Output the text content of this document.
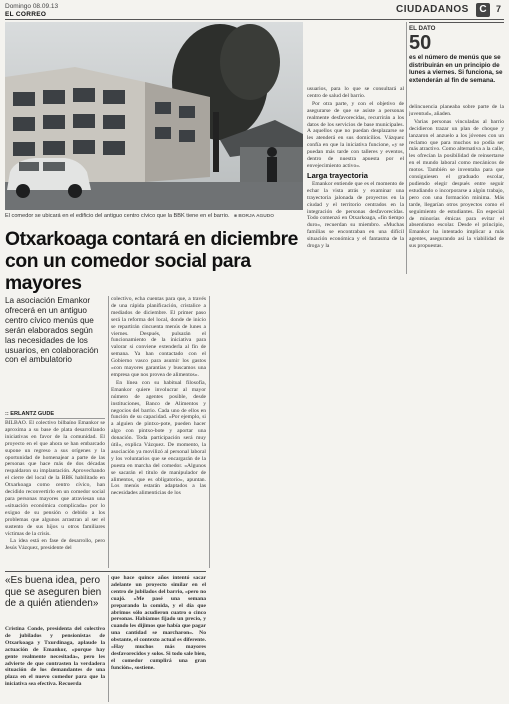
Domingo 08.09.13
EL CORREO	CIUDADANOS	C	7
El comedor se ubicará en el edificio del antiguo centro cívico que la BBK tiene en el barrio. ■ BORJA AGUDO
Otxarkoaga contará en diciembre con un comedor social para mayores
La asociación Emankor ofrecerá en un antiguo centro cívico menús que serán elaborados según las necesidades de los usuarios, en colaboración con el ambulatorio
:: ERLANTZ GUDE

BILBAO. El colectivo bilbaíno Emankor se aproxima a su base de plata desarrollando iniciativas en favor de la comunidad. El proyecto en el que ahora se han embarcado supone un regreso a sus orígenes y la oportunidad de homenajear a parte de las personas que hace más de dos décadas respaldaron su implantación. Aprovechando el cierre del local de la BBK habilitado en Otxarkoaga como centro cívico, han decidido reconvertirlo en un comedor social para personas mayores que atraviesan una «situación económica complicada» por lo exiguo de su pensión o debido a los problemas que algunos arrastran al ser el sustento de sus hijos u otros familiares víctimas de la crisis.

La idea está en fase de desarrollo, pero Jesús Vázquez, presidente del

colectivo, echa cuentas para que, a través de una rápida planificación, cristalice a mediados de diciembre. El primer paso será la reforma del local, donde de inicio se repartirán cincuenta menús de lunes a viernes. Después, pulsarán el funcionamiento de la iniciativa para valorar si conviene extenderla al fin de semana. Ya han contactado con el Gobierno vasco para asumir los gastos «con mayores garantías y buscamos una empresa que nos provea de alimentos».

En línea con su habitual filosofía, Emankor quiere involucrar al mayor número de agentes posible, desde instituciones, Banco de Alimentos y negocios del barrio. Cada uno de ellos en función de su capacidad. «Por ejemplo, si a alguien de pintxo-pote, pueden hacer algo con pintxo-bote y aportar una donación. Toda participación será muy útil», explica Vázquez. De momento, la asociación ya movilizó al personal laboral y los voluntarios que se encargarán de la puesta en marcha del comedor. «Algunos se sacarán el título de manipulador de alimentos, que es obligatorio», apuntan. Los menús estarán adaptados a las necesidades alimenticias de los

usuarios, para lo que se consultará al centro de salud del barrio.

Por otra parte, y con el objetivo de asegurarse de que se asiste a personas realmente desfavorecidas, recurrirán a los datos de los servicios de base municipales. A aquellos que no puedan desplazarse se les atenderá en sus domicilios. Vázquez confía en que la iniciativa funcione, «y se puedan más tarde con talleres y eventos, dentro de nuestra apuesta por el envejecimiento activo».

Larga trayectoria

Emankor entiende que es el momento de echar la vista atrás y examinar una trayectoria jalonada de proyectos en la ciudad y el territorio centrados en la integración de personas desfavorecidas. Todo comenzó en Otxarkoaga, «fin tiempo duro», recuerdan su miembro. «Muchas familias se encontraban en una difícil situación económica y el fantasma de la droga y la

EL DATO
50
es el número de menús que se distribuirán en un principio de lunes a viernes. Si funciona, se extenderán al fin de semana.

delincuencia planeaba sobre parte de la juventud», añaden.

Varias personas vinculadas al barrio decidieron trazar un plan de choque y lanzaron el anzuelo a los jóvenes con un reclamo que para muchos no podía ser más atractivo. Como alternativa a la calle, les ofrecían la posibilidad de reinsertarse en el mundo laboral como mecánicos de motos. También se inventaba para que consiguiesen el graduado escolar, pudiendo elegir después entre seguir estudiando o incorporarse a algún trabajo, pero con una formación mínima. Más tarde, llegarían otros proyectos como el seguimiento de estudiantes. En especial de minorías étnicas para evitar el absentismo escolar. Desde el principio, Emankor ha intentado implicar a más agentes, asegurando así la viabilidad de sus propuestas.

«Es buena idea, pero que se aseguren bien de a quién atienden»

Cristina Conde, presidenta del colectivo de jubilados y pensionistas de Otxarkoaga y Txurdinaga, aplaude la actuación de Emankor, «porque hay gente realmente necesitada», pero les advierte de que contrasten la verdadera situación de los demandantes de una plaza en el nuevo comedor para que la iniciativa sea efectiva. Recuerda

que hace quince años intentó sacar adelante un proyecto similar en el centro de jubilados del barrio, «pero no cuajó. «Me pasé una semana preparando la comida, y el día que abrimos sólo acudieron cuatro o cinco personas. Habíamos fijado un precio, y cuando les dijimos que había que pagar una cantidad se marcharon». No obstante, el contexto actual es diferente. «Hay muchos más mayores desfavorecidos y solos. Si todo sale bien, el comedor cumplirá una gran función», sostiene.
